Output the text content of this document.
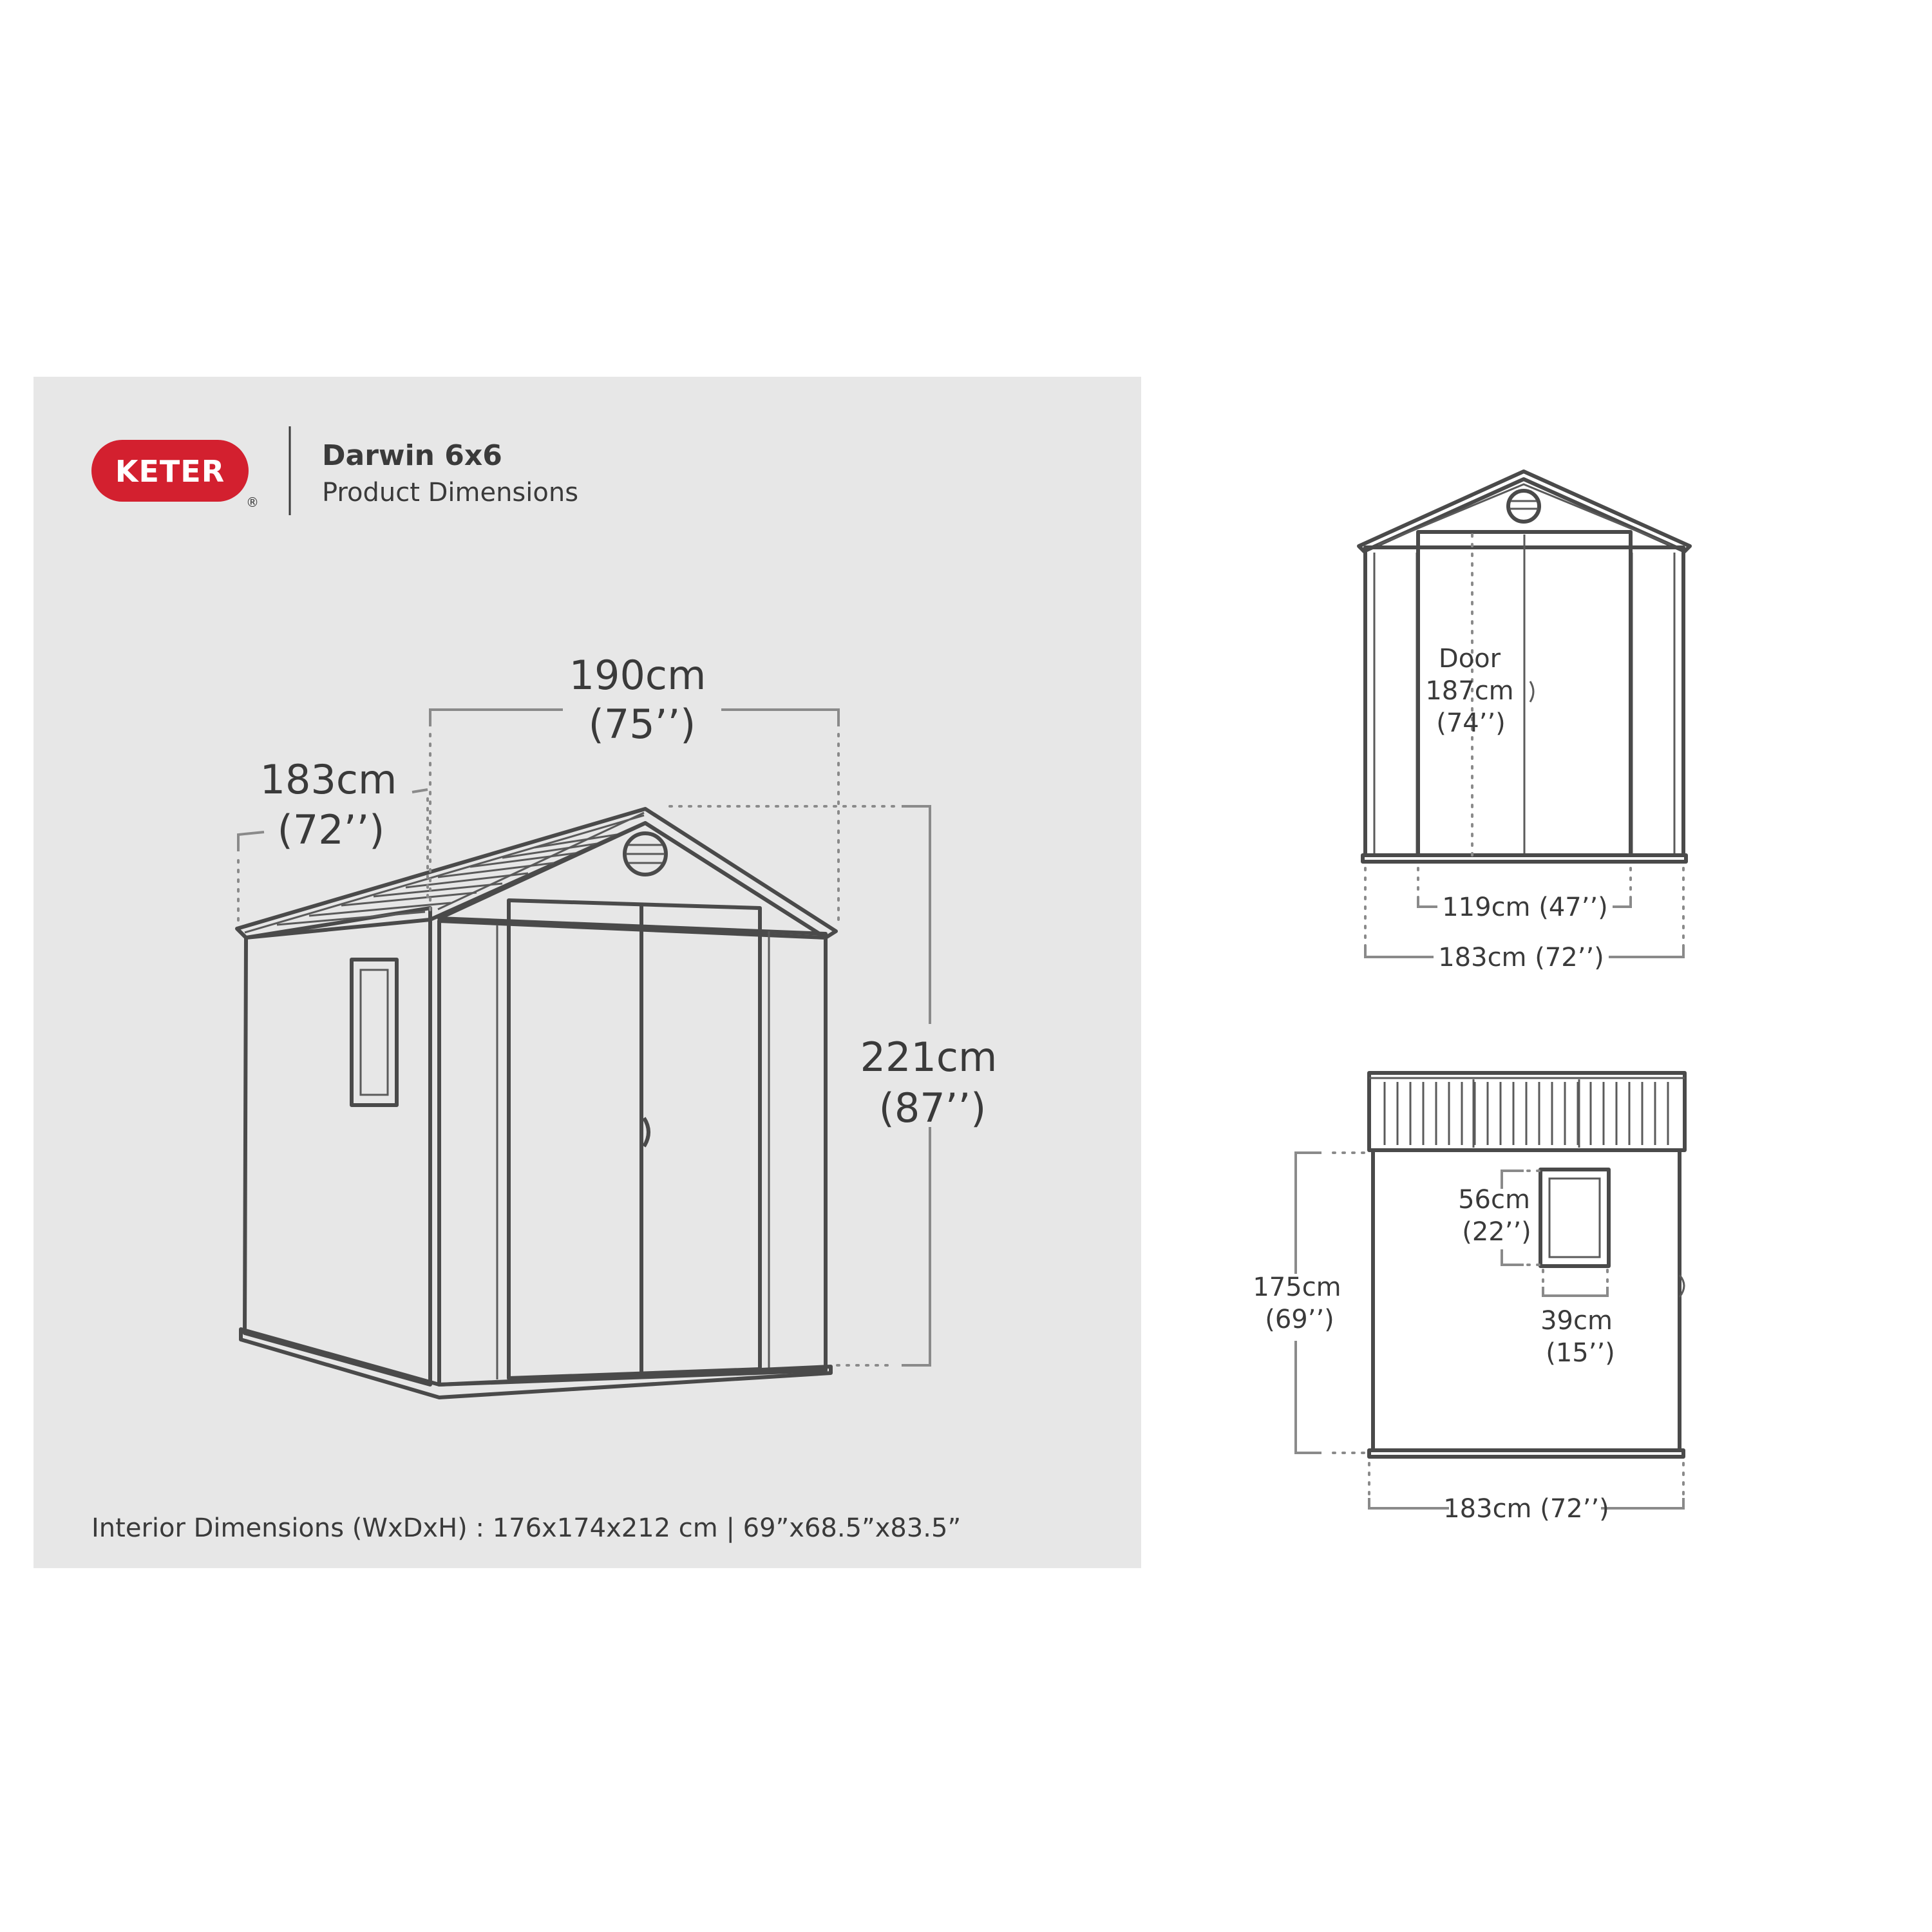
KETER
®
Darwin 6x6
Product Dimensions
190cm
(75’’)
183cm
(72’’)
221cm
(87’’)
Interior Dimensions (WxDxH) : 176x174x212 cm | 69”x68.5”x83.5”
Door
187cm
(74’’)
119cm (47’’)
183cm (72’’)
175cm
(69’’)
56cm
(22’’)
39cm
(15’’)
183cm (72’’)
